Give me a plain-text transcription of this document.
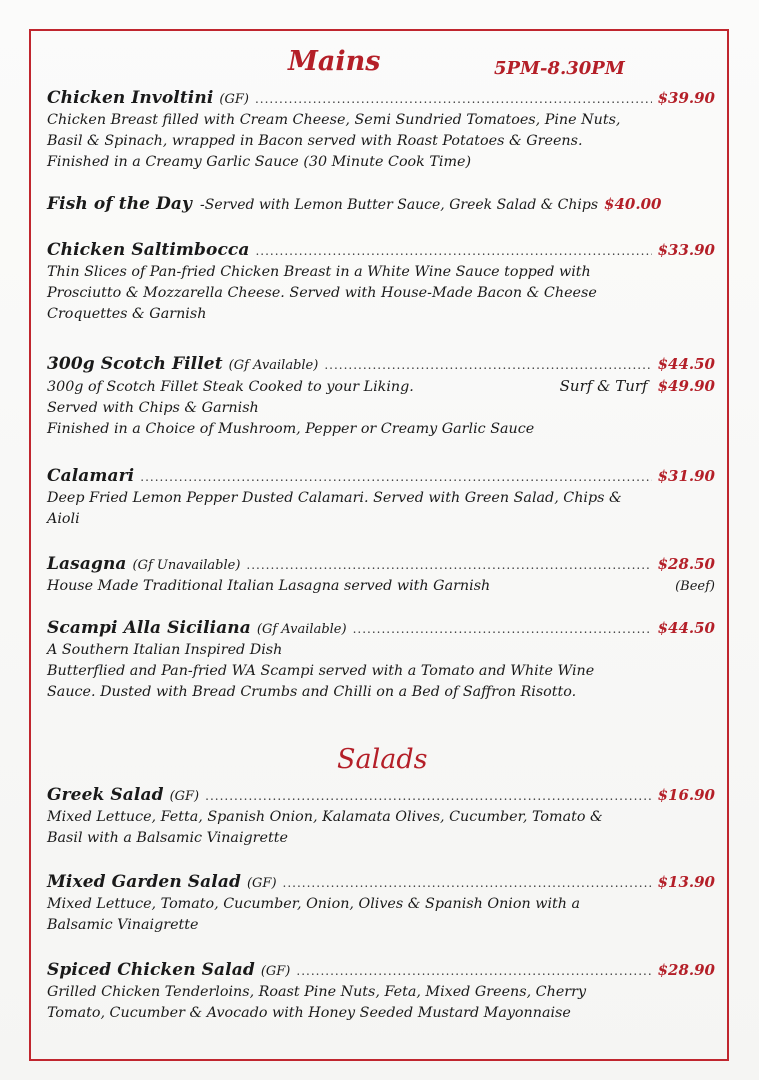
Mains	5PM-8.30PM
Chicken Involtini (GF) .....	$39.90
Chicken Breast filled with Cream Cheese, Semi Sundried Tomatoes, Pine Nuts,
Basil & Spinach, wrapped in Bacon served with Roast Potatoes & Greens.
Finished in a Creamy Garlic Sauce (30 Minute Cook Time)
Fish of the Day -Served with Lemon Butter Sauce, Greek Salad & Chips $40.00
Chicken Saltimbocca .....	$33.90
Thin Slices of Pan-fried Chicken Breast in a White Wine Sauce topped with
Prosciutto & Mozzarella Cheese. Served with House-Made Bacon & Cheese
Croquettes & Garnish
300g Scotch Fillet (Gf Available) .....	$44.50
300g of Scotch Fillet Steak Cooked to your Liking.	Surf & Turf $49.90
Served with Chips & Garnish
Finished in a Choice of Mushroom, Pepper or Creamy Garlic Sauce
Calamari .....	$31.90
Deep Fried Lemon Pepper Dusted Calamari. Served with Green Salad, Chips &
Aioli
Lasagna (Gf Unavailable) .....	$28.50
House Made Traditional Italian Lasagna served with Garnish	(Beef)
Scampi Alla Siciliana (Gf Available) .....	$44.50
A Southern Italian Inspired Dish
Butterflied and Pan-fried WA Scampi served with a Tomato and White Wine
Sauce. Dusted with Bread Crumbs and Chilli on a Bed of Saffron Risotto.
Salads
Greek Salad (GF) .....	$16.90
Mixed Lettuce, Fetta, Spanish Onion, Kalamata Olives, Cucumber, Tomato &
Basil with a Balsamic Vinaigrette
Mixed Garden Salad (GF) .....	$13.90
Mixed Lettuce, Tomato, Cucumber, Onion, Olives & Spanish Onion with a
Balsamic Vinaigrette
Spiced Chicken Salad (GF) .....	$28.90
Grilled Chicken Tenderloins, Roast Pine Nuts, Feta, Mixed Greens, Cherry
Tomato, Cucumber & Avocado with Honey Seeded Mustard Mayonnaise
